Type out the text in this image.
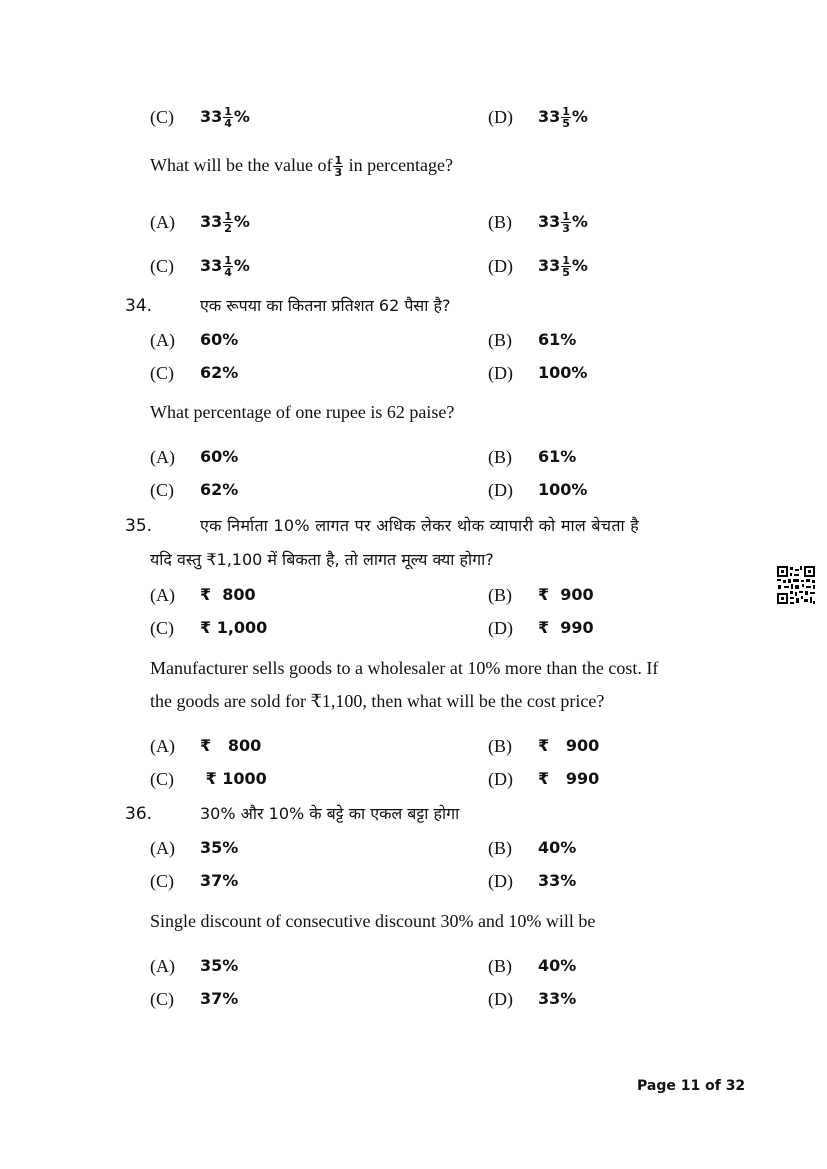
(C) $33 \frac{1}{4}$ %	(D) $33 \frac{1}{5}$ %
What will be the value of $\frac{1}{3}$ in percentage?
(A) $33 \frac{1}{2}$ %	(B) $33 \frac{1}{3}$ %
(C) $33 \frac{1}{4}$ %	(D) $33 \frac{1}{5}$ %
34.	एक रूपया का कितना प्रतिशत 62 पैसा है?
(A) 60%	(B) 61%
(C) 62%	(D) 100%
What percentage of one rupee is 62 paise?
(A) 60%	(B) 61%
(C) 62%	(D) 100%
35.	एक निर्माता 10% लागत पर अधिक लेकर थोक व्यापारी को माल बेचता है
यदि वस्तु ₹1,100 में बिकता है, तो लागत मूल्य क्या होगा?
(A) ₹  800	(B) ₹  900
(C) ₹ 1,000	(D) ₹  990
Manufacturer sells goods to a wholesaler at 10% more than the cost. If
the goods are sold for ₹1,100, then what will be the cost price?
(A) ₹   800	(B) ₹   900
(C) ₹ 1000	(D) ₹   990
36.	30% और 10% के बट्टे का एकल बट्टा होगा
(A) 35%	(B) 40%
(C) 37%	(D) 33%
Single discount of consecutive discount 30% and 10% will be
(A) 35%	(B) 40%
(C) 37%	(D) 33%
Page 11 of 32
